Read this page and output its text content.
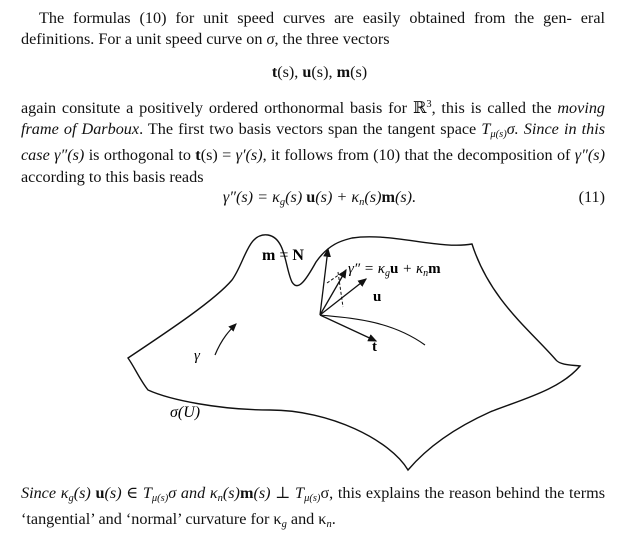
The formulas (10) for unit speed curves are easily obtained from the gen- eral definitions. For a unit speed curve on σ, the three vectors
t(s), u(s), m(s)
again consitute a positively ordered orthonormal basis for ℝ$^3$, this is called the moving frame of Darboux. The first two basis vectors span the tangent space $T_{\mu(s)}\sigma$. Since in this case γ″(s) is orthogonal to t(s) = γ′(s), it follows from (10) that the decomposition of γ″(s) according to this basis reads
$\gamma''(s) = \kappa_g(s) u(s) + \kappa_n(s)m(s)$.	(11)
m = N
$\gamma'' = \kappa_gu + \kappa_nm$
u
t
γ
σ(U)
Since $\kappa_g(s)$ u(s) ∈ $T_{\mu(s)}\sigma$ and $\kappa_n(s)m(s)$ ⊥ $T_{\mu(s)}\sigma$, this explains the reason behind the terms ‘tangential’ and ‘normal’ curvature for $\kappa_g$ and $\kappa_n$.
